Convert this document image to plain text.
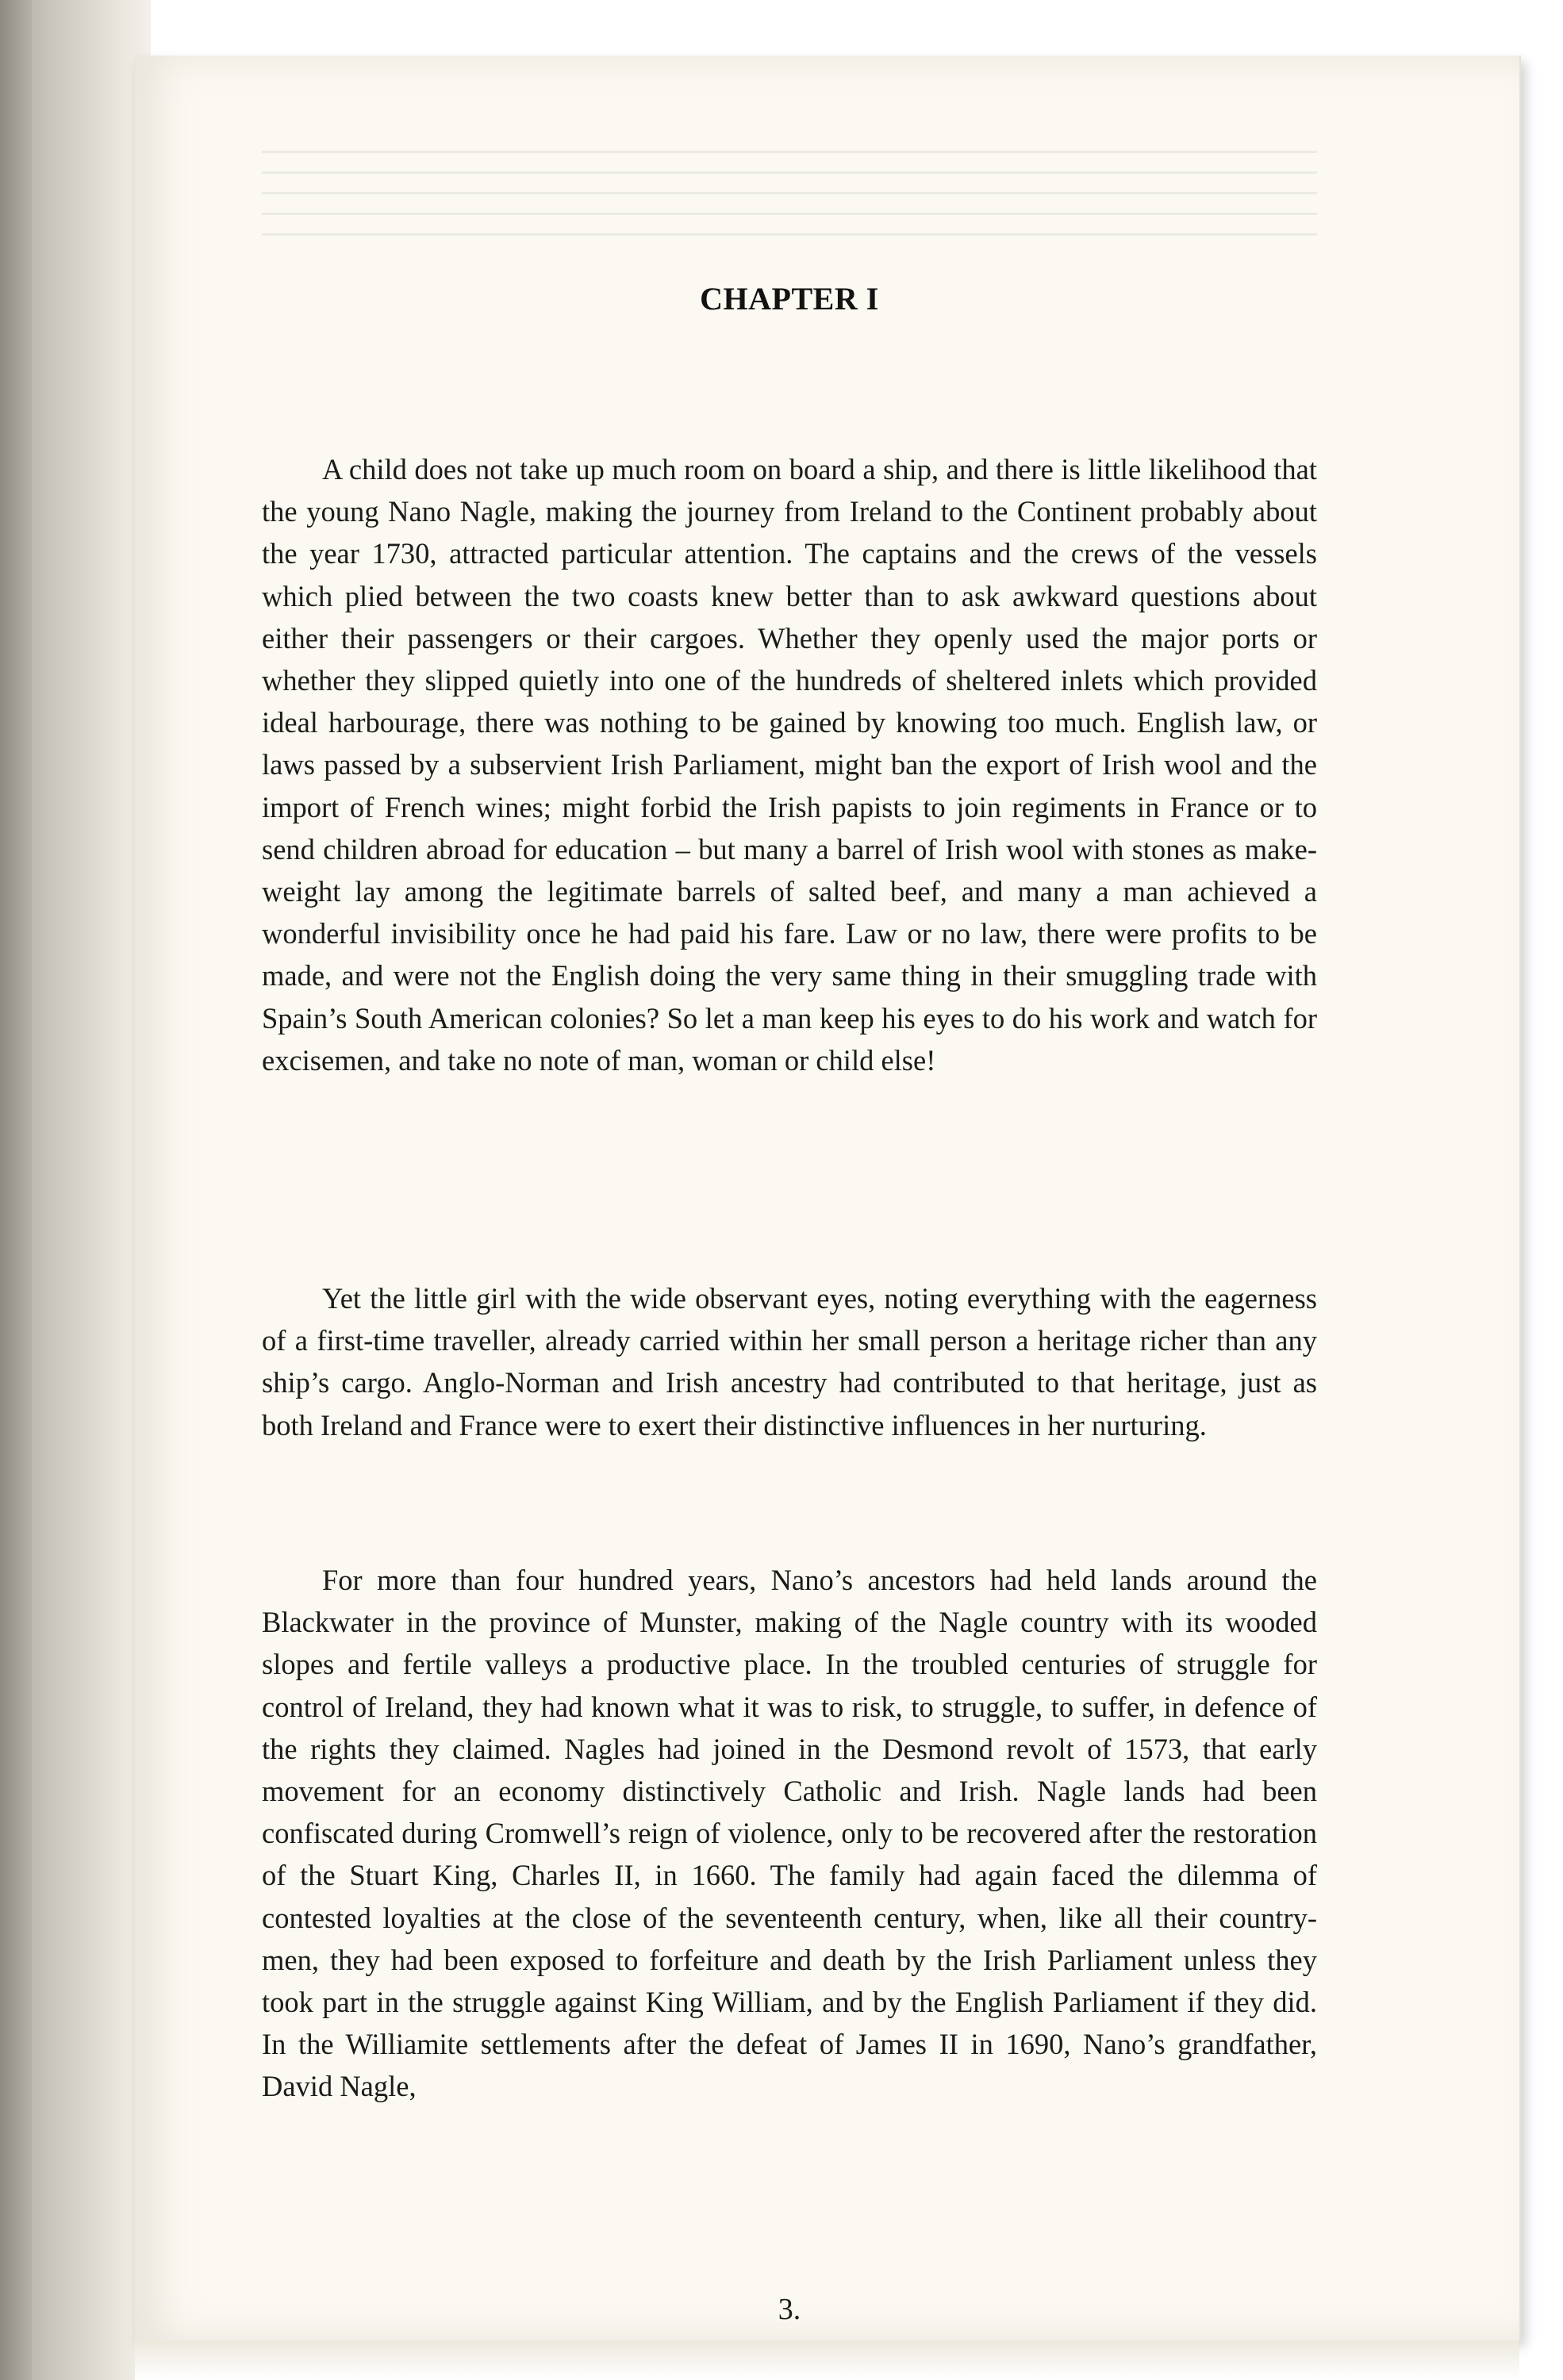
CHAPTER I

A child does not take up much room on board a ship, and there is little likelihood that the young Nano Nagle, making the journey from Ireland to the Continent probably about the year 1730, attracted particular attention. The captains and the crews of the vessels which plied between the two coasts knew better than to ask awkward questions about either their passengers or their cargoes. Whether they openly used the major ports or whether they slipped quietly into one of the hundreds of sheltered inlets which provided ideal harbourage, there was nothing to be gained by knowing too much. English law, or laws passed by a subservient Irish Parliament, might ban the export of Irish wool and the import of French wines; might forbid the Irish papists to join regiments in France or to send children abroad for education – but many a barrel of Irish wool with stones as make-weight lay among the legitimate barrels of salted beef, and many a man achieved a wonderful invisibility once he had paid his fare. Law or no law, there were profits to be made, and were not the English doing the very same thing in their smuggling trade with Spain’s South American colonies? So let a man keep his eyes to do his work and watch for excisemen, and take no note of man, woman or child else!

Yet the little girl with the wide observant eyes, noting everything with the eagerness of a first-time traveller, already carried within her small person a heritage richer than any ship’s cargo. Anglo-Norman and Irish ancestry had contributed to that heritage, just as both Ireland and France were to exert their distinctive influences in her nurturing.

For more than four hundred years, Nano’s ancestors had held lands around the Blackwater in the province of Munster, making of the Nagle country with its wooded slopes and fertile valleys a productive place. In the troubled centuries of struggle for control of Ireland, they had known what it was to risk, to struggle, to suffer, in defence of the rights they claimed. Nagles had joined in the Desmond revolt of 1573, that early movement for an economy distinctively Catholic and Irish. Nagle lands had been confiscated during Cromwell’s reign of violence, only to be recovered after the restoration of the Stuart King, Charles II, in 1660. The family had again faced the dilemma of contested loyalties at the close of the seventeenth century, when, like all their country-men, they had been exposed to forfeiture and death by the Irish Parliament unless they took part in the struggle against King William, and by the English Parliament if they did. In the Williamite settlements after the defeat of James II in 1690, Nano’s grandfather, David Nagle,

3.
